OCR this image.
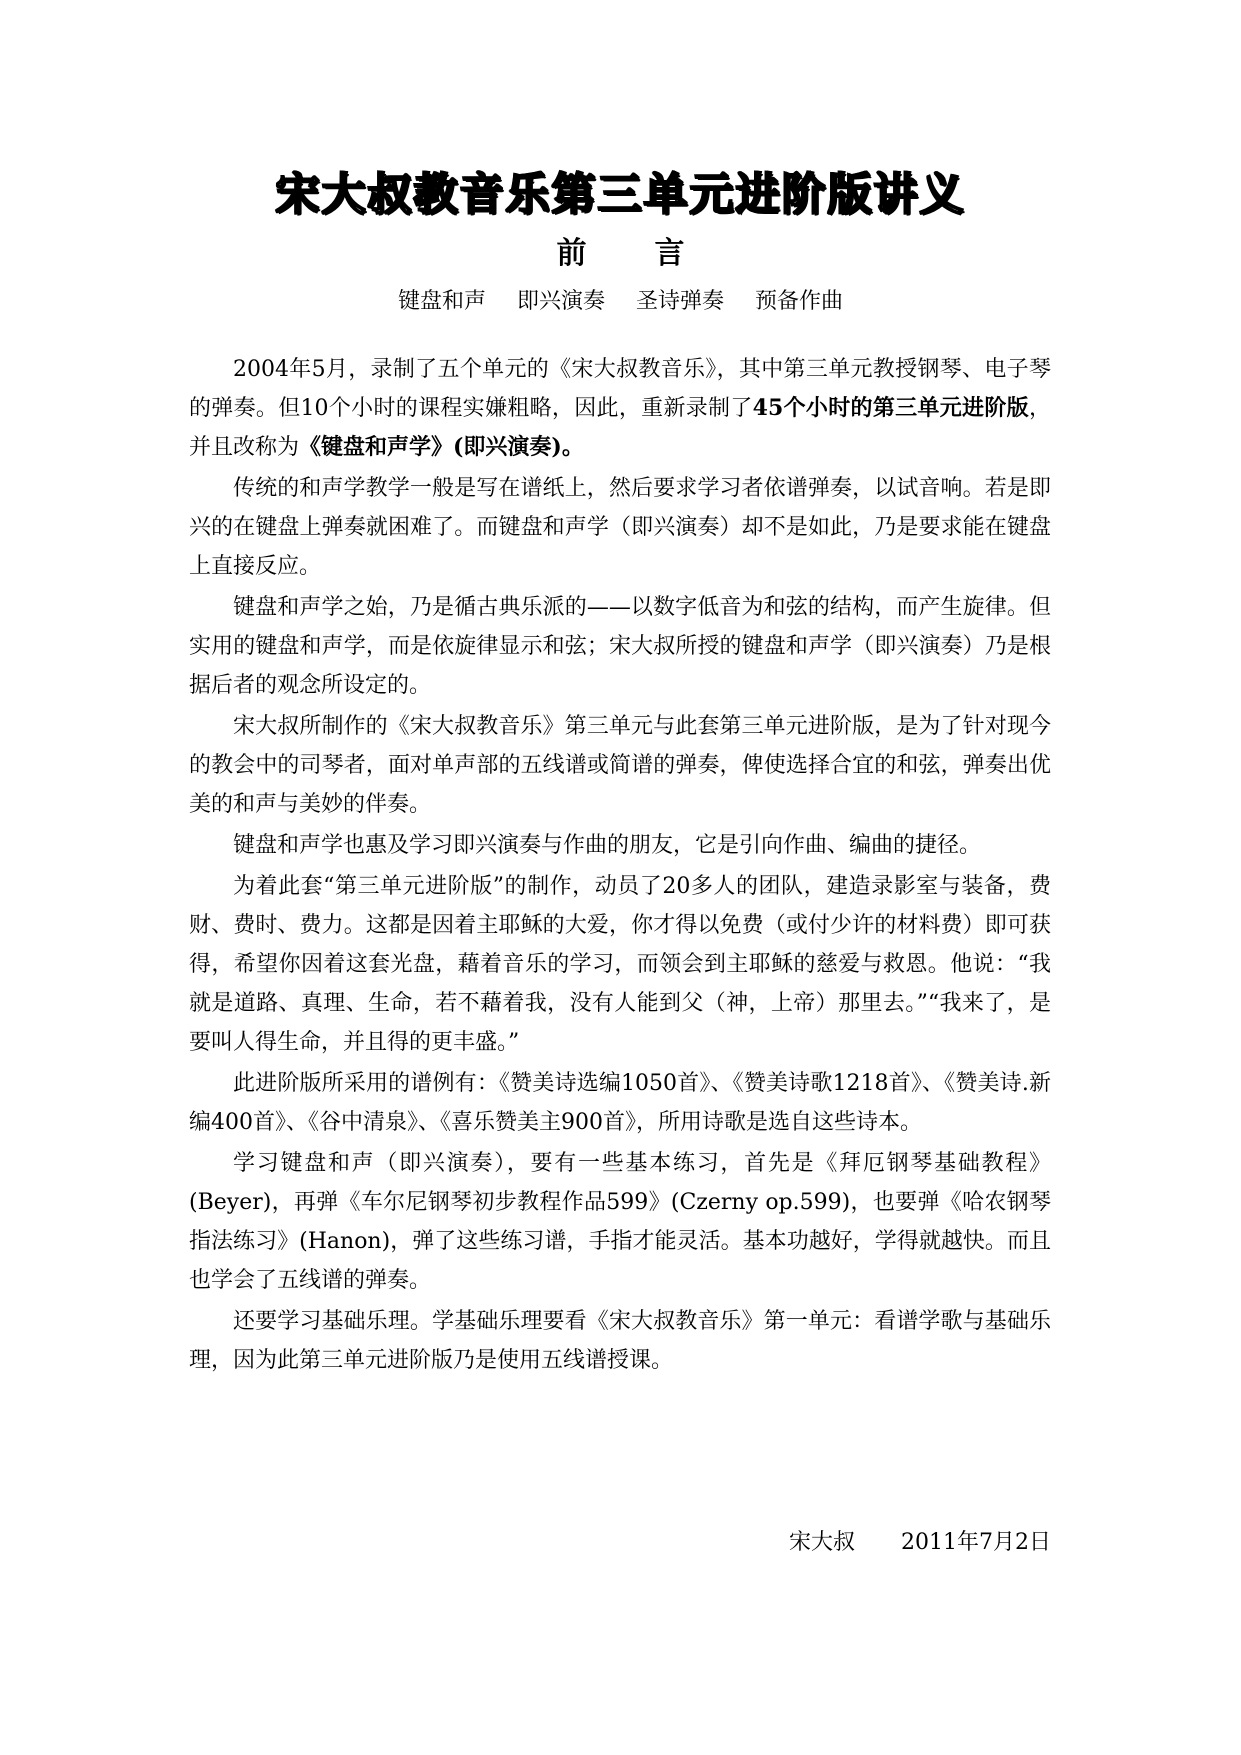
宋大叔教音乐第三单元进阶版讲义
前 言
键盘和声 即兴演奏 圣诗弹奏 预备作曲

2004年5月，录制了五个单元的《宋大叔教音乐》，其中第三单元教授钢琴、电子琴的弹奏。但10个小时的课程实嫌粗略，因此，重新录制了45个小时的第三单元进阶版，并且改称为《键盘和声学》(即兴演奏)。

传统的和声学教学一般是写在谱纸上，然后要求学习者依谱弹奏，以试音响。若是即兴的在键盘上弹奏就困难了。而键盘和声学（即兴演奏）却不是如此，乃是要求能在键盘上直接反应。

键盘和声学之始，乃是循古典乐派的——以数字低音为和弦的结构，而产生旋律。但实用的键盘和声学，而是依旋律显示和弦；宋大叔所授的键盘和声学（即兴演奏）乃是根据后者的观念所设定的。

宋大叔所制作的《宋大叔教音乐》第三单元与此套第三单元进阶版，是为了针对现今的教会中的司琴者，面对单声部的五线谱或简谱的弹奏，俾使选择合宜的和弦，弹奏出优美的和声与美妙的伴奏。

键盘和声学也惠及学习即兴演奏与作曲的朋友，它是引向作曲、编曲的捷径。

为着此套“第三单元进阶版”的制作，动员了20多人的团队，建造录影室与装备，费财、费时、费力。这都是因着主耶稣的大爱，你才得以免费（或付少许的材料费）即可获得，希望你因着这套光盘，藉着音乐的学习，而领会到主耶稣的慈爱与救恩。他说：“我就是道路、真理、生命，若不藉着我，没有人能到父（神，上帝）那里去。”“我来了，是要叫人得生命，并且得的更丰盛。”

此进阶版所采用的谱例有：《赞美诗选编1050首》、《赞美诗歌1218首》、《赞美诗.新编400首》、《谷中清泉》、《喜乐赞美主900首》，所用诗歌是选自这些诗本。

学习键盘和声（即兴演奏），要有一些基本练习，首先是《拜厄钢琴基础教程》(Beyer)，再弹《车尔尼钢琴初步教程作品599》(Czerny op.599)，也要弹《哈农钢琴指法练习》(Hanon)，弹了这些练习谱，手指才能灵活。基本功越好，学得就越快。而且也学会了五线谱的弹奏。

还要学习基础乐理。学基础乐理要看《宋大叔教音乐》第一单元：看谱学歌与基础乐理，因为此第三单元进阶版乃是使用五线谱授课。

宋大叔 2011年7月2日
